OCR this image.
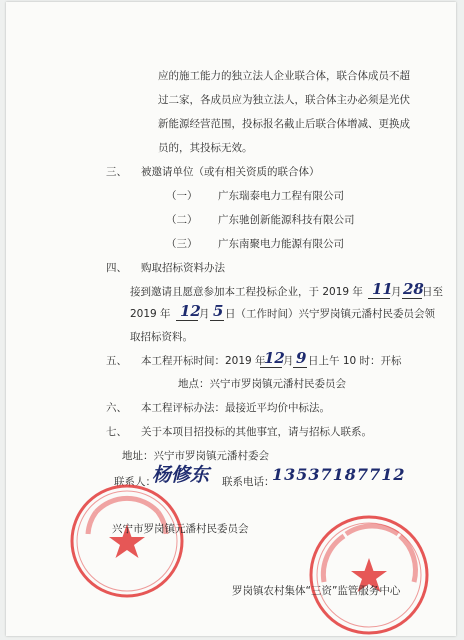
应的施工能力的独立法人企业联合体，联合体成员不超
过二家，各成员应为独立法人，联合体主办必须是光伏
新能源经营范围，投标报名截止后联合体增减、更换成
员的，其投标无效。
三、 被邀请单位（或有相关资质的联合体）
（一） 广东瑞泰电力工程有限公司
（二） 广东驰创新能源科技有限公司
（三） 广东南聚电力能源有限公司
四、 购取招标资料办法
接到邀请且愿意参加本工程投标企业，于 2019 年 11
月 28
日至
2019 年 12
月 5 日（工作时间）兴宁罗岗镇元潘村民委员会领
取招标资料。
五、 本工程开标时间：2019 年
12
月 9 日上午 10 时：开标
地点：兴宁市罗岗镇元潘村民委员会
六、 本工程评标办法：最接近平均价中标法。
七、 关于本项目招投标的其他事宜，请与招标人联系。
地址：兴宁市罗岗镇元潘村委会
联系人：
杨修东 联系电话：
13537187712
兴宁市罗岗镇元潘村民委员会
罗岗镇农村集体“三资”监管服务中心
